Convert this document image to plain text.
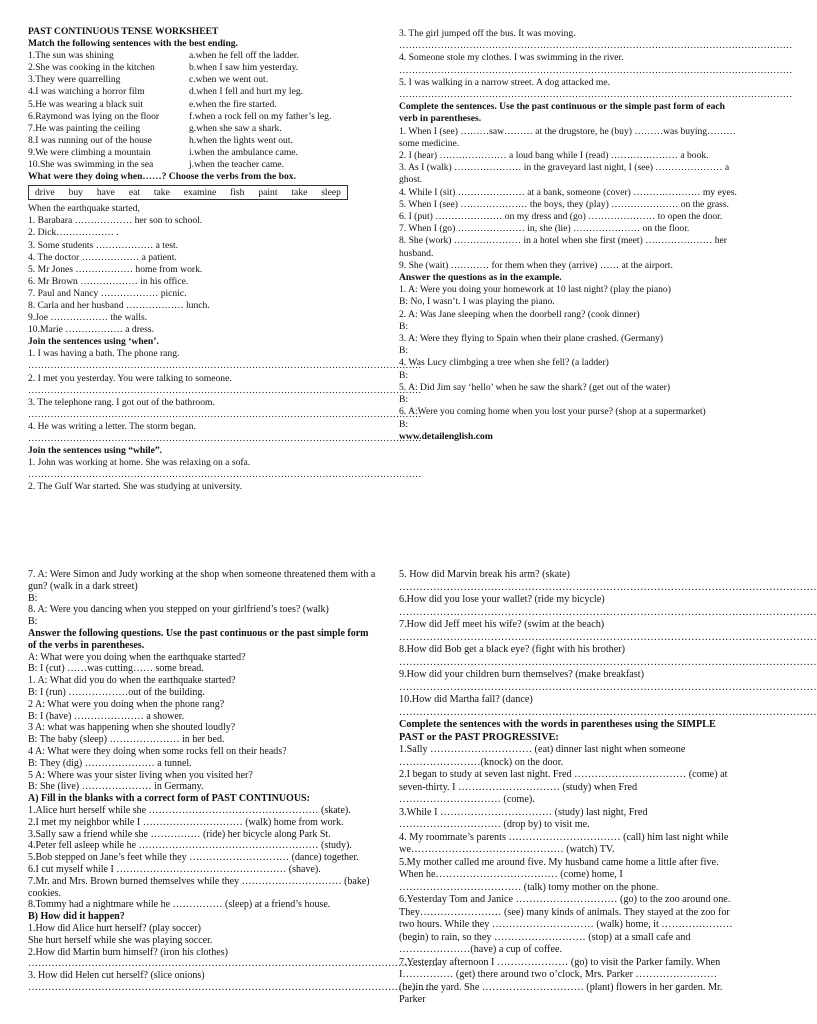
PAST CONTINUOUS TENSE WORKSHEET
Match the following sentences with the best ending.
1.The sun was shining	a.when he fell off the ladder.
2.She was cooking in the kitchen	b.when I saw him yesterday.
3.They were quarrelling	c.when we went out.
4.I was watching a horror film	d.when I fell and hurt my leg.
5.He was wearing a black suit	e.when the fire started.
6.Raymond was lying on the floor	f.when a rock fell on my father’s leg.
7.He was painting the ceiling	g.when she saw a shark.
8.I was running out of the house	h.when the lights went out.
9.We were climbing a mountain	i.when the ambulance came.
10.She was swimming in the sea	j.when the teacher came.
What were they doing when……? Choose the verbs from the box.
drive buy have eat take examine fish paint take sleep
When the earthquake started,
1. Barabara ……………… her son to school.
2. Dick……………… .
3. Some students ……………… a test.
4. The doctor ……………… a patient.
5. Mr Jones ……………… home from work.
6. Mr Brown ……………… in his office.
7. Paul and Nancy ……………… picnic.
8. Carla and her husband ……………… lunch.
9.Joe ……………… the walls.
10.Marie ……………… a dress.
Join the sentences using ‘when’.
1. I was having a bath. The phone rang.
……………………………………………………………………………………………………………
2. I met you yesterday. You were talking to someone.
……………………………………………………………………………………………………………
3. The telephone rang. I got out of the bathroom.
……………………………………………………………………………………………………………
4. He was writing a letter. The storm began.
……………………………………………………………………………………………………………
Join the sentences using “while”.
1. John was working at home. She was relaxing on a sofa.
……………………………………………………………………………………………………………
2. The Gulf War started. She was studying at university.
3. The girl jumped off the bus. It was moving.
……………………………………………………………………………………………………………
4. Someone stole my clothes. I was swimming in the river.
……………………………………………………………………………………………………………
5. I was walking in a narrow street. A dog attacked me.
……………………………………………………………………………………………………………
Complete the sentences. Use the past continuous or the simple past form of each verb in parentheses.
1. When I (see) ………saw……… at the drugstore, he (buy) ………was buying………some medicine.
2. I (hear) ………………… a loud bang while I (read) ………………… a book.
3. As I (walk) ………………… in the graveyard last night, I (see) ………………… a ghost.
4. While I (sit) ………………… at a bank, someone (cover) ………………… my eyes.
5. When I (see) ………………… the boys, they (play) ………………… on the grass.
6. I (put) ………………… on my dress and (go) ………………… to open the door.
7. When I (go) ………………… in, she (lie) ………………… on the floor.
8. She (work) ………………… in a hotel when she first (meet) ………………… her husband.
9. She (wait) ………… for them when they (arrive) …… at the airport.
Answer the questions as in the example.
1. A: Were you doing your homework at 10 last night? (play the piano)
B: No, I wasn’t. I was playing the piano.
2. A: Was Jane sleeping when the doorbell rang? (cook dinner)
B:
3. A: Were they flying to Spain when their plane crashed. (Germany)
B:
4. Was Lucy climbging a tree when she fell? (a ladder)
B:
5. A: Did Jim say ‘hello’ when he saw the shark? (get out of the water)
B:
6. A:Were you coming home when you lost your purse? (shop at a supermarket)
B:
www.detailenglish.com
7. A: Were Simon and Judy working at the shop when someone threatened them with a gun? (walk in a dark street)
B:
8. A: Were you dancing when you stepped on your girlfriend’s toes? (walk)
B:
Answer the following questions. Use the past continuous or the past simple form of the verbs in parentheses.
A: What were you doing when the earthquake started?
B: I (cut) ……was cutting…… some bread.
1. A: What did you do when the earthquake started?
B: I (run) ………………out of the building.
2 A: What were you doing when the phone rang?
B: I (have) ………………… a shower.
3 A: what was happening when she shouted loudly?
B: The baby (sleep) ………………… in her bed.
4 A: What were they doing when some rocks fell on their heads?
B: They (dig) ………………… a tunnel.
5 A: Where was your sister living when you visited her?
B: She (live) ………………… in Germany.
A) Fill in the blanks with a correct form of PAST CONTINUOUS:
1.Alice hurt herself while she …………………………………………… (skate).
2.I met my neighbor while I ………………………… (walk) home from work.
3.Sally saw a friend while she …………… (ride) her bicycle along Park St.
4.Peter fell asleep while he ……………………………………………… (study).
5.Bob stepped on Jane’s feet while they ………………………… (dance) together.
6.I cut myself while I …………………………………………… (shave).
7.Mr. and Mrs. Brown burned themselves while they ………………………… (bake) cookies.
8.Tommy had a nightmare while he …………… (sleep) at a friend’s house.
B) How did it happen?
1.How did Alice hurt herself? (play soccer)
She hurt herself while she was playing soccer.
2.How did Martin burn himself? (iron his clothes)
……………………………………………………………………………………………………………
3. How did Helen cut herself? (slice onions)
……………………………………………………………………………………………………………
5. How did Marvin break his arm? (skate)
……………………………………………………………………………………………………………
6.How did you lose your wallet? (ride my bicycle)
……………………………………………………………………………………………………………
7.How did Jeff meet his wife? (swim at the beach)
……………………………………………………………………………………………………………
8.How did Bob get a black eye? (fight with his brother)
……………………………………………………………………………………………………………
9.How did your children burn themselves? (make breakfast)
……………………………………………………………………………………………………………
10.How did Martha fall? (dance)
……………………………………………………………………………………………………………
Complete the sentences with the words in parentheses using the SIMPLE PAST or the PAST PROGRESSIVE:
1.Sally ………………………… (eat) dinner last night when someone ……………………(knock) on the door.
2.I began to study at seven last night. Fred …………………………… (come) at seven-thirty. I ………………………… (study) when Fred ………………………… (come).
3.While I …………………………… (study) last night, Fred ………………………… (drop by) to visit me.
4. My roommate’s parents …………………………… (call) him last night while we……………………………………… (watch) TV.
5.My mother called me around five. My husband came home a little after five. When he……………………………… (come) home, I ……………………………… (talk) tomy mother on the phone.
6.Yesterday Tom and Janice ………………………… (go) to the zoo around one. They…………………… (see) many kinds of animals. They stayed at the zoo for two hours. While they ………………………… (walk) home, it ………………… (begin) to rain, so they ……………………… (stop) at a small cafe and …………………(have) a cup of coffee.
7.Yesterday afternoon I ………………… (go) to visit the Parker family. When I…………… (get) there around two o’clock, Mrs. Parker …………………… (be)in the yard. She ………………………… (plant) flowers in her garden. Mr. Parker
